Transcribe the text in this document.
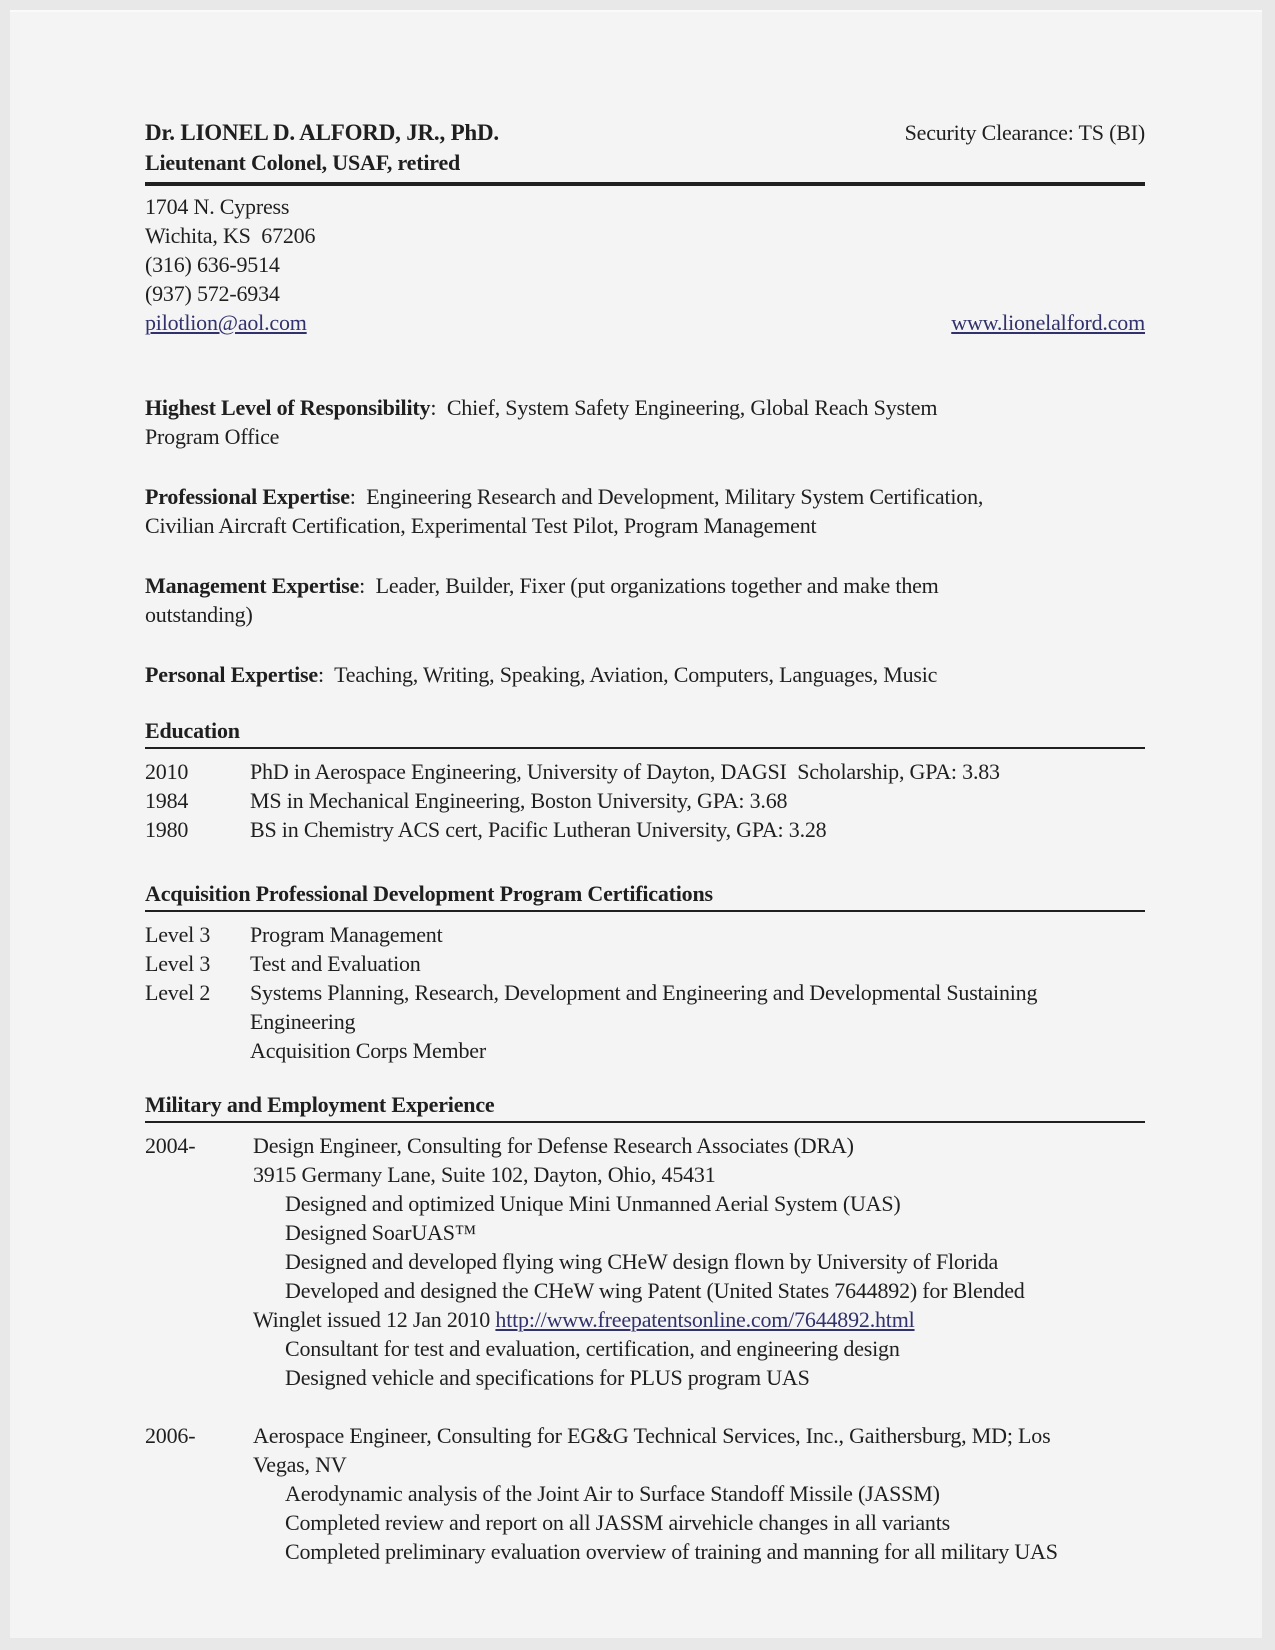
Dr. LIONEL D. ALFORD, JR., PhD.	Security Clearance: TS (BI)
Lieutenant Colonel, USAF, retired
1704 N. Cypress
Wichita, KS  67206
(316) 636-9514
(937) 572-6934
pilotlion@aol.com	www.lionelalford.com
Highest Level of Responsibility:  Chief, System Safety Engineering, Global Reach System
Program Office
Professional Expertise:  Engineering Research and Development, Military System Certification,
Civilian Aircraft Certification, Experimental Test Pilot, Program Management
Management Expertise:  Leader, Builder, Fixer (put organizations together and make them
outstanding)
Personal Expertise:  Teaching, Writing, Speaking, Aviation, Computers, Languages, Music
Education
2010	PhD in Aerospace Engineering, University of Dayton, DAGSI  Scholarship, GPA: 3.83
1984	MS in Mechanical Engineering, Boston University, GPA: 3.68
1980	BS in Chemistry ACS cert, Pacific Lutheran University, GPA: 3.28
Acquisition Professional Development Program Certifications
Level 3	Program Management
Level 3	Test and Evaluation
Level 2	Systems Planning, Research, Development and Engineering and Developmental Sustaining
Engineering
Acquisition Corps Member
Military and Employment Experience
2004-	Design Engineer, Consulting for Defense Research Associates (DRA)
3915 Germany Lane, Suite 102, Dayton, Ohio, 45431
Designed and optimized Unique Mini Unmanned Aerial System (UAS)
Designed SoarUAS™
Designed and developed flying wing CHeW design flown by University of Florida
Developed and designed the CHeW wing Patent (United States 7644892) for Blended
Winglet issued 12 Jan 2010 http://www.freepatentsonline.com/7644892.html
Consultant for test and evaluation, certification, and engineering design
Designed vehicle and specifications for PLUS program UAS
2006-	Aerospace Engineer, Consulting for EG&G Technical Services, Inc., Gaithersburg, MD; Los
Vegas, NV
Aerodynamic analysis of the Joint Air to Surface Standoff Missile (JASSM)
Completed review and report on all JASSM airvehicle changes in all variants
Completed preliminary evaluation overview of training and manning for all military UAS
